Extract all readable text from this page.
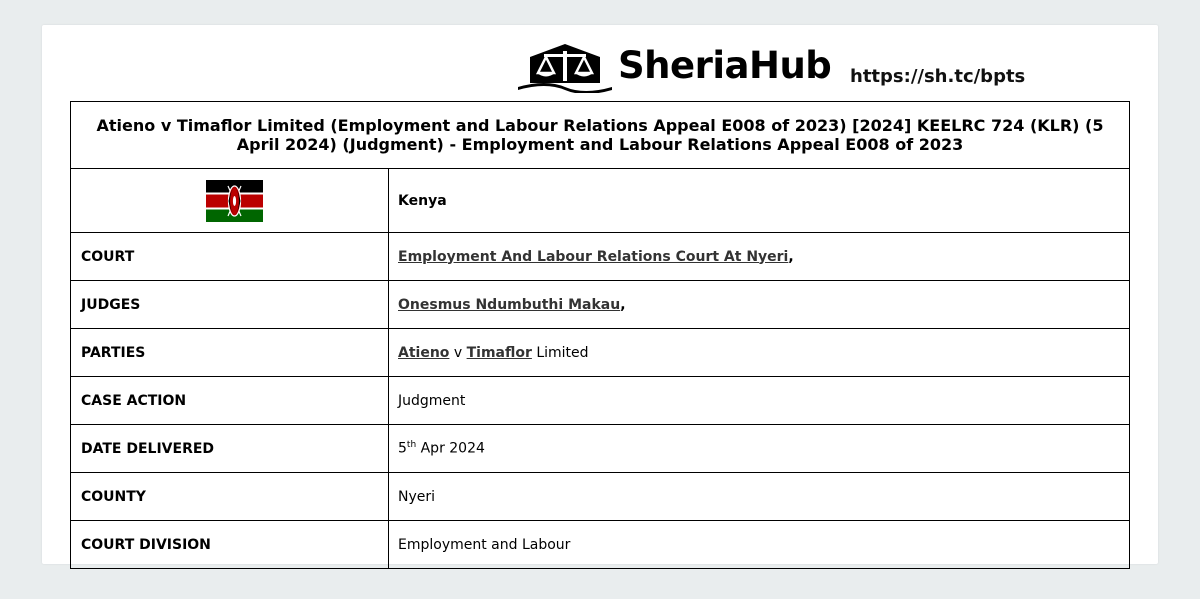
SheriaHub https://sh.tc/bpts
Atieno v Timaflor Limited (Employment and Labour Relations Appeal E008 of 2023) [2024] KEELRC 724 (KLR) (5 April 2024) (Judgment) - Employment and Labour Relations Appeal E008 of 2023	
	Kenya
COURT	Employment And Labour Relations Court At Nyeri,
JUDGES	Onesmus Ndumbuthi Makau,
PARTIES	Atieno v Timaflor Limited
CASE ACTION	Judgment
DATE DELIVERED	5th Apr 2024
COUNTY	Nyeri
COURT DIVISION	Employment and Labour
